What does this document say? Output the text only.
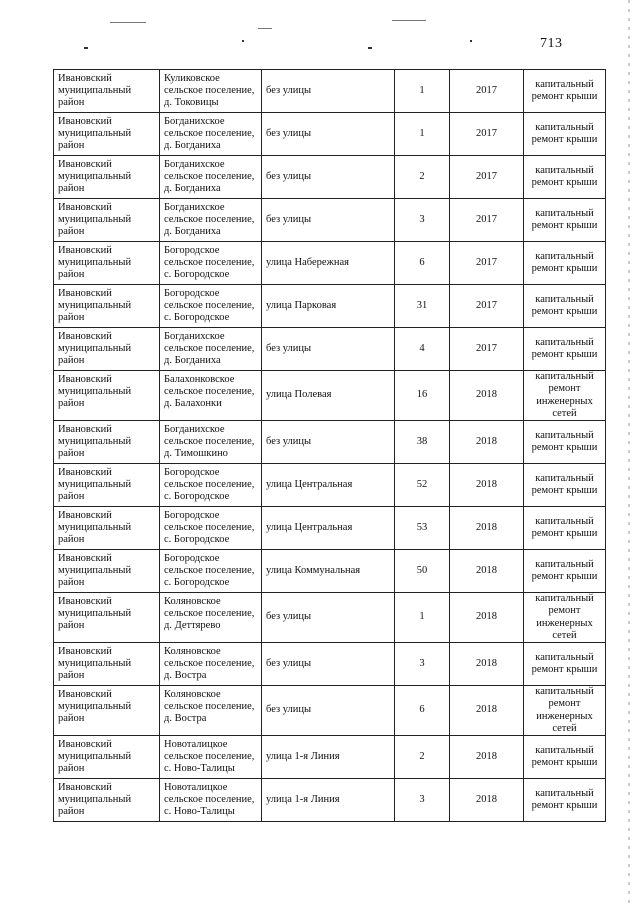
713
Ивановский муниципальный район	Куликовское сельское поселение, д. Токовицы	без улицы	1	2017	капитальный ремонт крыши
Ивановский муниципальный район	Богданихское сельское поселение, д. Богданиха	без улицы	1	2017	капитальный ремонт крыши
Ивановский муниципальный район	Богданихское сельское поселение, д. Богданиха	без улицы	2	2017	капитальный ремонт крыши
Ивановский муниципальный район	Богданихское сельское поселение, д. Богданиха	без улицы	3	2017	капитальный ремонт крыши
Ивановский муниципальный район	Богородское сельское поселение, с. Богородское	улица Набережная	6	2017	капитальный ремонт крыши
Ивановский муниципальный район	Богородское сельское поселение, с. Богородское	улица Парковая	31	2017	капитальный ремонт крыши
Ивановский муниципальный район	Богданихское сельское поселение, д. Богданиха	без улицы	4	2017	капитальный ремонт крыши
Ивановский муниципальный район	Балахонковское сельское поселение, д. Балахонки	улица Полевая	16	2018	капитальный ремонт инженерных сетей
Ивановский муниципальный район	Богданихское сельское поселение, д. Тимошкино	без улицы	38	2018	капитальный ремонт крыши
Ивановский муниципальный район	Богородское сельское поселение, с. Богородское	улица Центральная	52	2018	капитальный ремонт крыши
Ивановский муниципальный район	Богородское сельское поселение, с. Богородское	улица Центральная	53	2018	капитальный ремонт крыши
Ивановский муниципальный район	Богородское сельское поселение, с. Богородское	улица Коммунальная	50	2018	капитальный ремонт крыши
Ивановский муниципальный район	Коляновское сельское поселение, д. Деттярево	без улицы	1	2018	капитальный ремонт инженерных сетей
Ивановский муниципальный район	Коляновское сельское поселение, д. Востра	без улицы	3	2018	капитальный ремонт крыши
Ивановский муниципальный район	Коляновское сельское поселение, д. Востра	без улицы	6	2018	капитальный ремонт инженерных сетей
Ивановский муниципальный район	Новоталицкое сельское поселение, с. Ново-Талицы	улица 1-я Линия	2	2018	капитальный ремонт крыши
Ивановский муниципальный район	Новоталицкое сельское поселение, с. Ново-Талицы	улица 1-я Линия	3	2018	капитальный ремонт крыши
